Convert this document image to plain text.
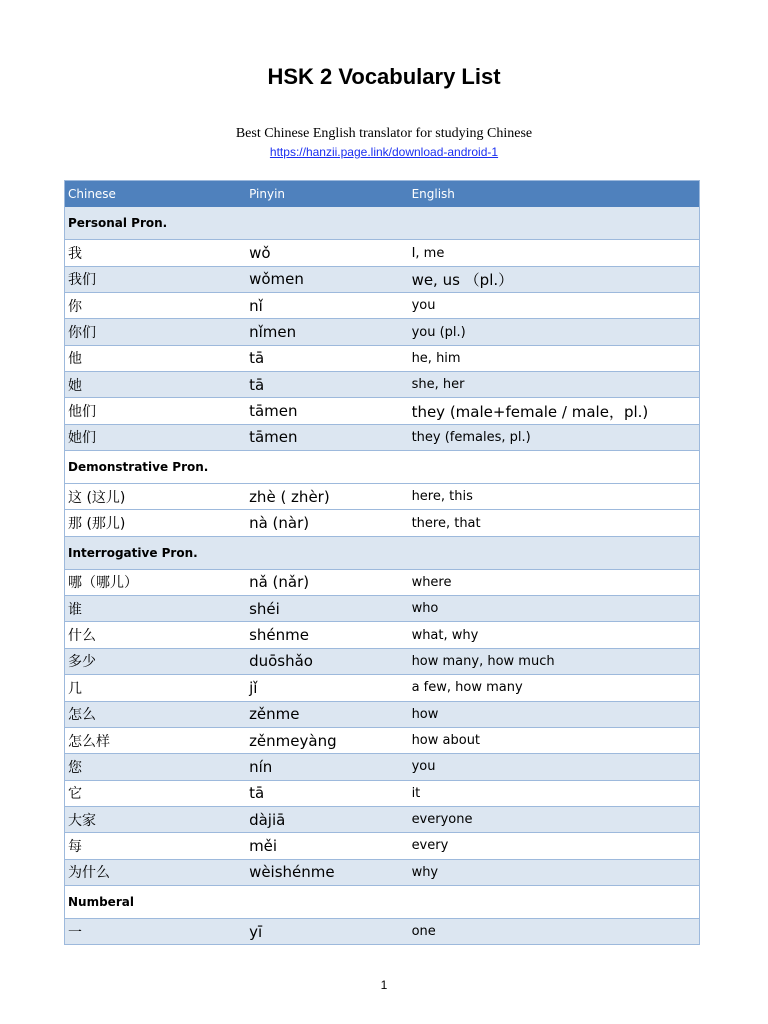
HSK 2 Vocabulary List
Best Chinese English translator for studying Chinese
https://hanzii.page.link/download-android-1
Chinese	Pinyin	English
Personal Pron.		
我	wǒ	I, me
我们	wǒmen	we, us （pl.）
你	nǐ	you
你们	nǐmen	you (pl.)
他	tā	he, him
她	tā	she, her
他们	tāmen	they (male+female / male，pl.)
她们	tāmen	they (females, pl.)
Demonstrative Pron.		
这 (这儿)	zhè ( zhèr)	here, this
那 (那儿)	nà (nàr)	there, that
Interrogative Pron.		
哪（哪儿）	nǎ (nǎr)	where
谁	shéi	who
什么	shénme	what, why
多少	duōshǎo	how many, how much
几	jǐ	a few, how many
怎么	zěnme	how
怎么样	zěnmeyàng	how about
您	nín	you
它	tā	it
大家	dàjiā	everyone
每	měi	every
为什么	wèishénme	why
Numberal		
一	yī	one
1
